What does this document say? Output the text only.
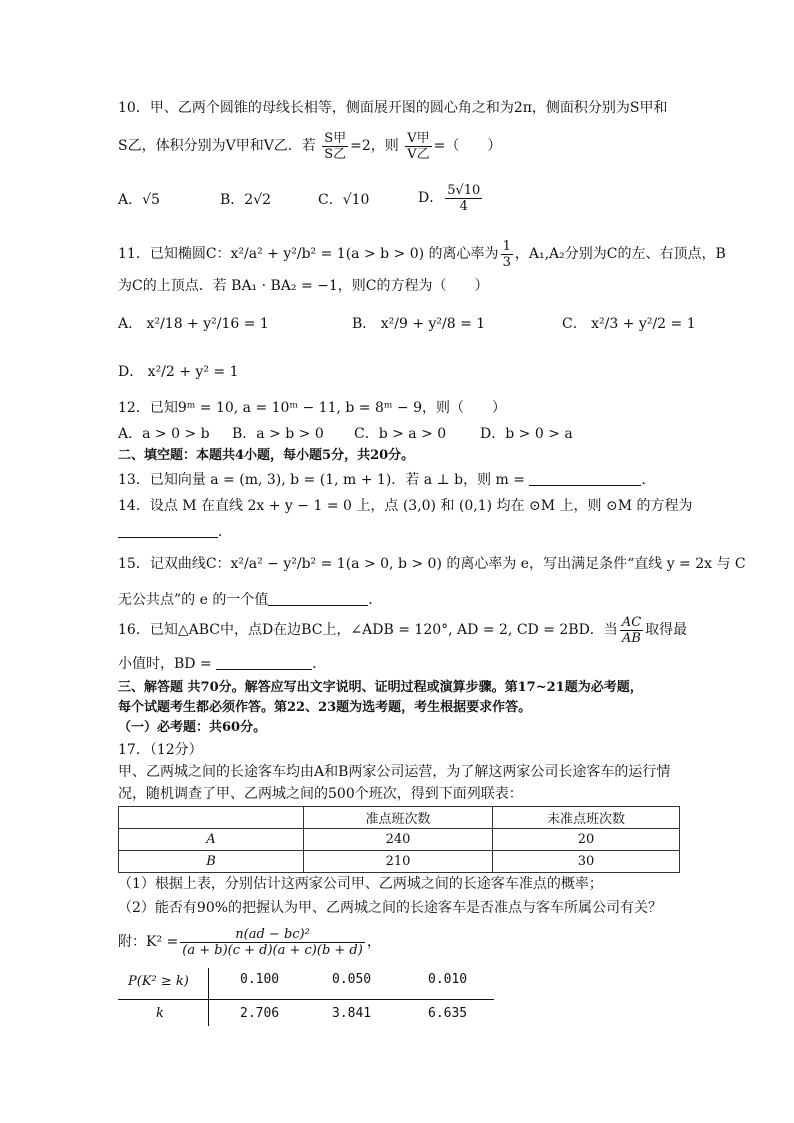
10．甲、乙两个圆锥的母线长相等，侧面展开图的圆心角之和为2π，侧面积分别为S甲和
S乙，体积分别为V甲和V乙．若 $\frac{\text{S甲}}{\text{S乙}} =2$，则 $\frac{\text{V甲}}{\text{V乙}}$ =（　　）
A．√5	B．2√2	C．√10	D． $\frac{5√10}{4}$
11．已知椭圆C：x²/a² + y²/b² = 1(a > b > 0) 的离心率为 $\frac{1}{3}$ ，A₁,A₂分别为C的左、右顶点，B
为C的上顶点．若 BA₁ · BA₂ = −1，则C的方程为（　　）
A． x²/18 + y²/16 = 1	B． x²/9 + y²/8 = 1	C． x²/3 + y²/2 = 1
D． x²/2 + y² = 1
12．已知9ᵐ = 10, a = 10ᵐ − 11, b = 8ᵐ − 9，则（　　）
A．a > 0 > b B．a > b > 0 C．b > a > 0 D．b > 0 > a
二、填空题：本题共4小题，每小题5分，共20分。
13．已知向量 a = (m, 3), b = (1, m + 1)．若 a ⊥ b，则 m =	．
14．设点 M 在直线 2x + y − 1 = 0 上，点 (3,0) 和 (0,1) 均在 ⊙M 上，则 ⊙M 的方程为
．
15．记双曲线C：x²/a² − y²/b² = 1(a > 0, b > 0) 的离心率为 e，写出满足条件“直线 y = 2x 与 C
无公共点”的 e 的一个值	．
16．已知△ABC中，点D在边BC上，∠ADB = 120°, AD = 2, CD = 2BD．当 $\frac{AC}{AB}$ 取得最
小值时，BD =	．
三、解答题 共70分。解答应写出文字说明、证明过程或演算步骤。第17~21题为必考题，
每个试题考生都必须作答。第22、23题为选考题，考生根据要求作答。
（一）必考题：共60分。
17．（12分）
甲、乙两城之间的长途客车均由A和B两家公司运营，为了解这两家公司长途客车的运行情
况，随机调查了甲、乙两城之间的500个班次，得到下面列联表：
	准点班次数	未准点班次数
A	240	20
B	210	30
（1）根据上表，分别估计这两家公司甲、乙两城之间的长途客车准点的概率；
（2）能否有90%的把握认为甲、乙两城之间的长途客车是否准点与客车所属公司有关？
附：$K^2 = \frac{\text{n(ad − bc)²}}{(a + b)(c + d)(a + c)(b + d)}$ ，
P(K² ≥ k)	0.100	0.050	0.010
k	2.706	3.841	6.635
